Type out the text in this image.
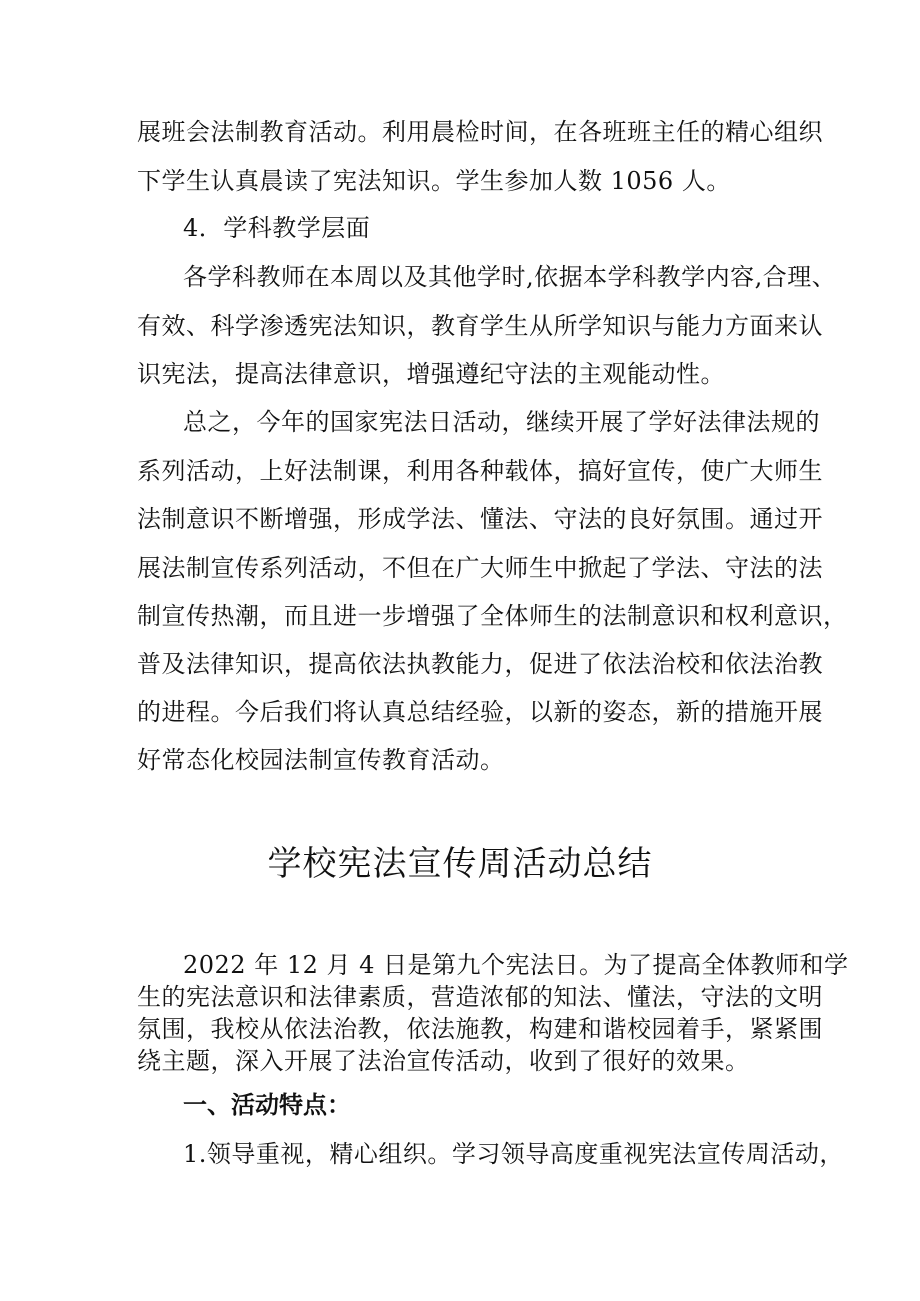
展班会法制教育活动。利用晨检时间，在各班班主任的精心组织
下学生认真晨读了宪法知识。学生参加人数 1056 人。
4．学科教学层面
各学科教师在本周以及其他学时,依据本学科教学内容,合理、
有效、科学渗透宪法知识，教育学生从所学知识与能力方面来认
识宪法，提高法律意识，增强遵纪守法的主观能动性。
总之，今年的国家宪法日活动，继续开展了学好法律法规的
系列活动，上好法制课，利用各种载体，搞好宣传，使广大师生
法制意识不断增强，形成学法、懂法、守法的良好氛围。通过开
展法制宣传系列活动，不但在广大师生中掀起了学法、守法的法
制宣传热潮，而且进一步增强了全体师生的法制意识和权利意识，
普及法律知识，提高依法执教能力，促进了依法治校和依法治教
的进程。今后我们将认真总结经验，以新的姿态，新的措施开展
好常态化校园法制宣传教育活动。
学校宪法宣传周活动总结
2022 年 12 月 4 日是第九个宪法日。为了提高全体教师和学
生的宪法意识和法律素质，营造浓郁的知法、懂法，守法的文明
氛围，我校从依法治教，依法施教，构建和谐校园着手，紧紧围
绕主题，深入开展了法治宣传活动，收到了很好的效果。
一、活动特点：
1.领导重视，精心组织。学习领导高度重视宪法宣传周活动，
